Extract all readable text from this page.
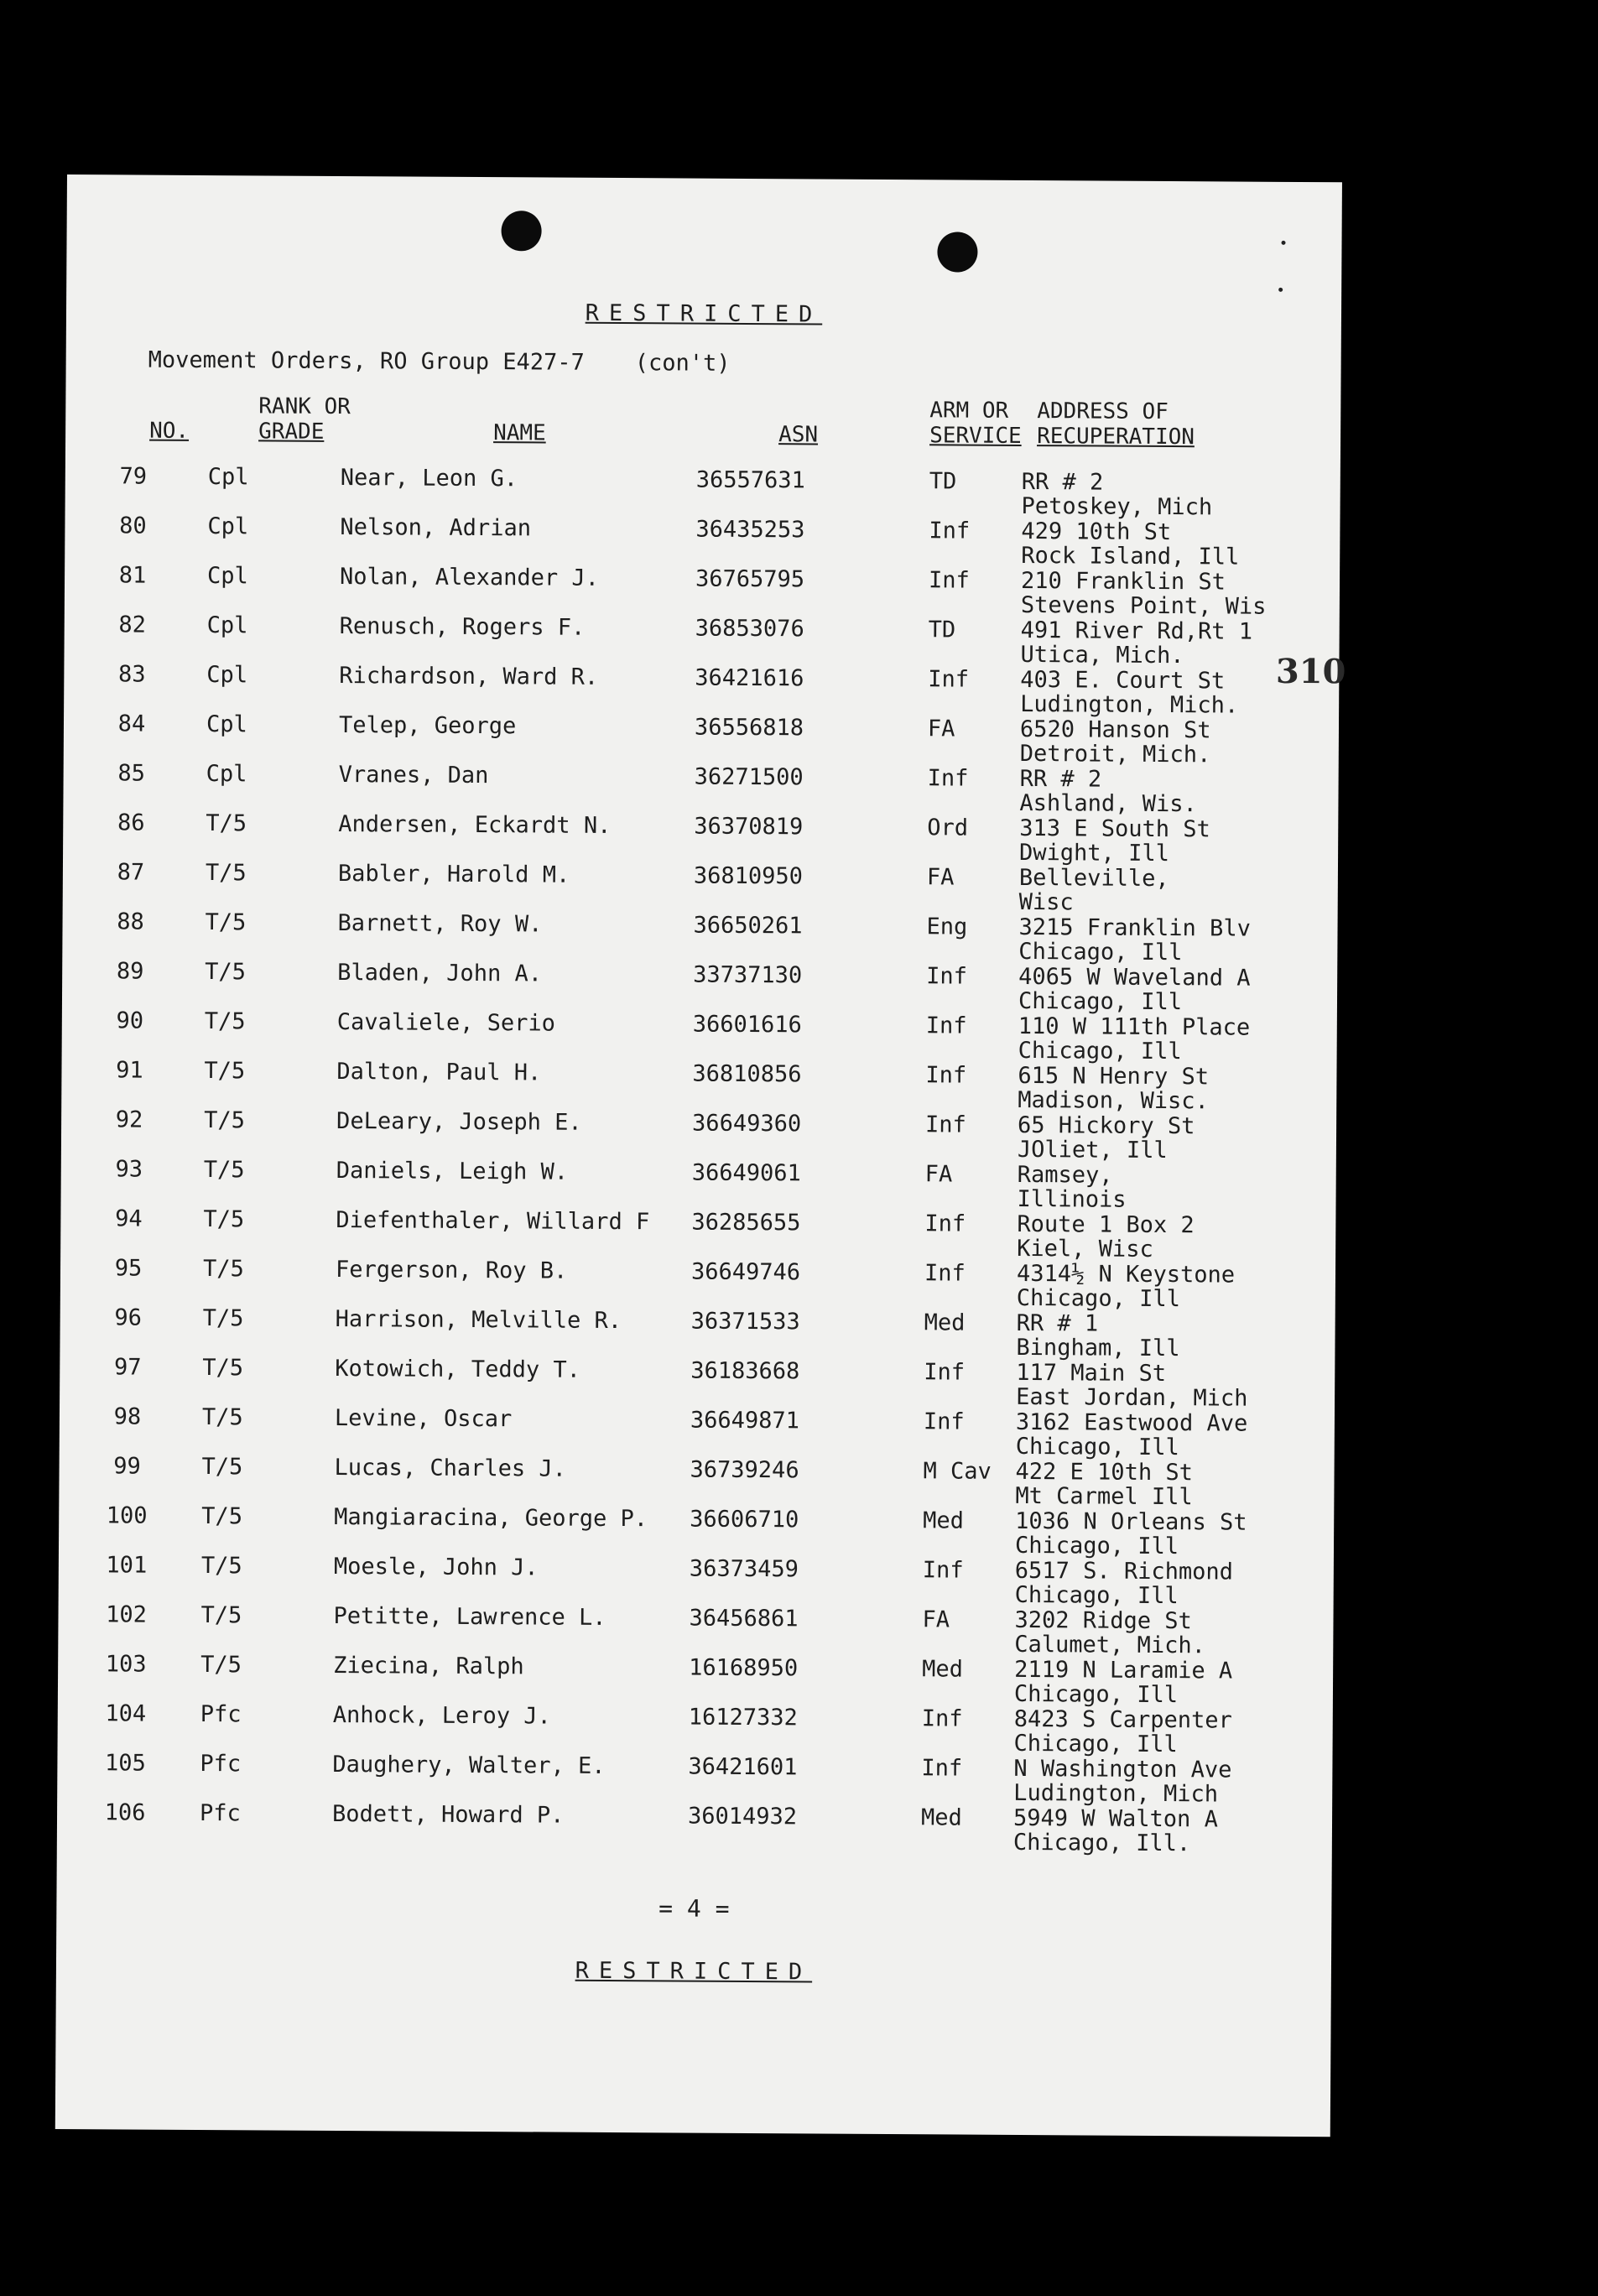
RESTRICTED
Movement Orders, RO Group E427-7 (con't)
310
NO.
RANK OR
GRADE	NAME	ASN
ARM OR
SERVICE
ADDRESS OF
RECUPERATION
79	Cpl	Near, Leon G.	36557631	TD	RR # 2
Petoskey, Mich
80	Cpl	Nelson, Adrian	36435253	Inf 429 10th St
Rock Island, Ill
81	Cpl	Nolan, Alexander J.	36765795	Inf 210 Franklin St
Stevens Point, Wis
82	Cpl	Renusch, Rogers F.	36853076	TD	491 River Rd,Rt 1
Utica, Mich.
83	Cpl	Richardson, Ward R.	36421616	Inf 403 E. Court St
Ludington, Mich.
84	Cpl	Telep, George	36556818	FA	6520 Hanson St
Detroit, Mich.
85	Cpl	Vranes, Dan	36271500	Inf RR # 2
Ashland, Wis.
86	T/5	Andersen, Eckardt N.	36370819	Ord 313 E South St
Dwight, Ill
87	T/5	Babler, Harold M.	36810950	FA	Belleville,
Wisc
88	T/5	Barnett, Roy W.	36650261	Eng 3215 Franklin Blv
Chicago, Ill
89	T/5	Bladen, John A.	33737130	Inf 4065 W Waveland A
Chicago, Ill
90	T/5	Cavaliele, Serio	36601616	Inf 110 W 111th Place
Chicago, Ill
91	T/5	Dalton, Paul H.	36810856	Inf 615 N Henry St
Madison, Wisc.
92	T/5	DeLeary, Joseph E.	36649360	Inf 65 Hickory St
JOliet, Ill
93	T/5	Daniels, Leigh W.	36649061	FA	Ramsey,
Illinois
94	T/5	Diefenthaler, Willard F 36285655	Inf Route 1 Box 2
Kiel, Wisc
95	T/5	Fergerson, Roy B.	36649746	Inf 4314½ N Keystone
Chicago, Ill
96	T/5	Harrison, Melville R.	36371533	Med RR # 1
Bingham, Ill
97	T/5	Kotowich, Teddy T.	36183668	Inf 117 Main St
East Jordan, Mich
98	T/5	Levine, Oscar	36649871	Inf 3162 Eastwood Ave
Chicago, Ill
99	T/5	Lucas, Charles J.	36739246	M Cav 422 E 10th St
Mt Carmel Ill
100	T/5	Mangiaracina, George P. 36606710	Med 1036 N Orleans St
Chicago, Ill
101	T/5	Moesle, John J.	36373459	Inf 6517 S. Richmond
Chicago, Ill
102	T/5	Petitte, Lawrence L.	36456861	FA	3202 Ridge St
Calumet, Mich.
103	T/5	Ziecina, Ralph	16168950	Med 2119 N Laramie A
Chicago, Ill
104	Pfc	Anhock, Leroy J.	16127332	Inf 8423 S Carpenter
Chicago, Ill
105	Pfc	Daughery, Walter, E.	36421601	Inf N Washington Ave
Ludington, Mich
106	Pfc	Bodett, Howard P.	36014932	Med 5949 W Walton A
Chicago, Ill.
= 4 =
RESTRICTED
